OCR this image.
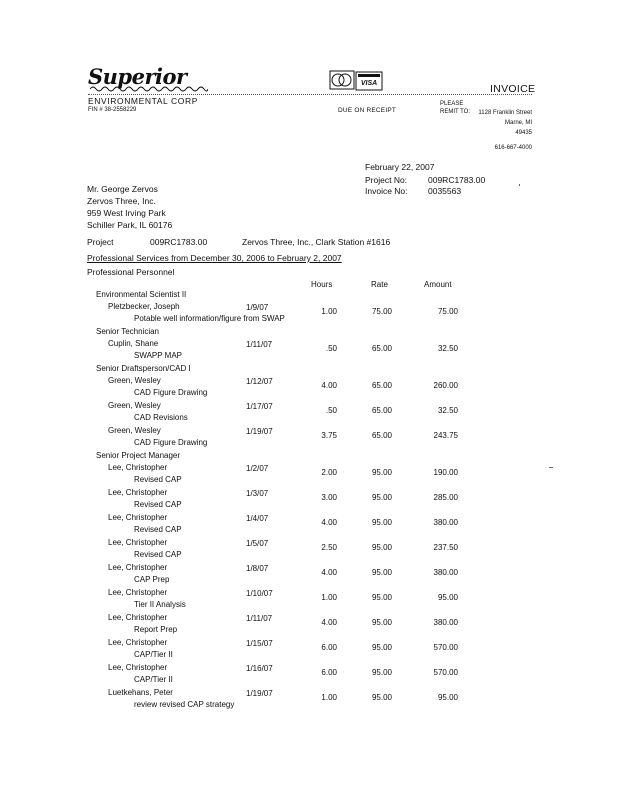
Superior
ENVIRONMENTAL CORP
FIN # 38-2558229
VISA	INVOICE
DUE ON RECEIPT
PLEASE
REMIT TO: 1128 Franklin Street
Marne, MI
49435
616-667-4000
February 22, 2007
Project No: 009RC1783.00
Invoice No: 0035563
Mr. George Zervos
Zervos Three, Inc.
959 West Irving Park
Schiller Park, IL 60176
Project	009RC1783.00	Zervos Three, Inc., Clark Station #1616
Professional Services from December 30, 2006 to February 2, 2007
Professional Personnel
Hours	Rate	Amount
Environmental Scientist II
Pletzbecker, Joseph	1/9/07	1.00	75.00	75.00
Potable well information/figure from SWAP
Senior Technician
Cuplin, Shane	1/11/07	.50	65.00	32.50
SWAPP MAP
Senior Draftsperson/CAD I
Green, Wesley	1/12/07	4.00	65.00	260.00
CAD Figure Drawing
Green, Wesley	1/17/07	.50	65.00	32.50
CAD Revisions
Green, Wesley	1/19/07	3.75	65.00	243.75
CAD Figure Drawing
Senior Project Manager
Lee, Christopher	1/2/07	2.00	95.00	190.00
Revised CAP
Lee, Christopher	1/3/07	3.00	95.00	285.00
Revised CAP
Lee, Christopher	1/4/07	4.00	95.00	380.00
Revised CAP
Lee, Christopher	1/5/07	2.50	95.00	237.50
Revised CAP
Lee, Christopher	1/8/07	4.00	95.00	380.00
CAP Prep
Lee, Christopher	1/10/07	1.00	95.00	95.00
Tier II Analysis
Lee, Christopher	1/11/07	4.00	95.00	380.00
Report Prep
Lee, Christopher	1/15/07	6.00	95.00	570.00
CAP/Tier II
Lee, Christopher	1/16/07	6.00	95.00	570.00
CAP/Tier II
Luetkehans, Peter	1/19/07	1.00	95.00	95.00
review revised CAP strategy
